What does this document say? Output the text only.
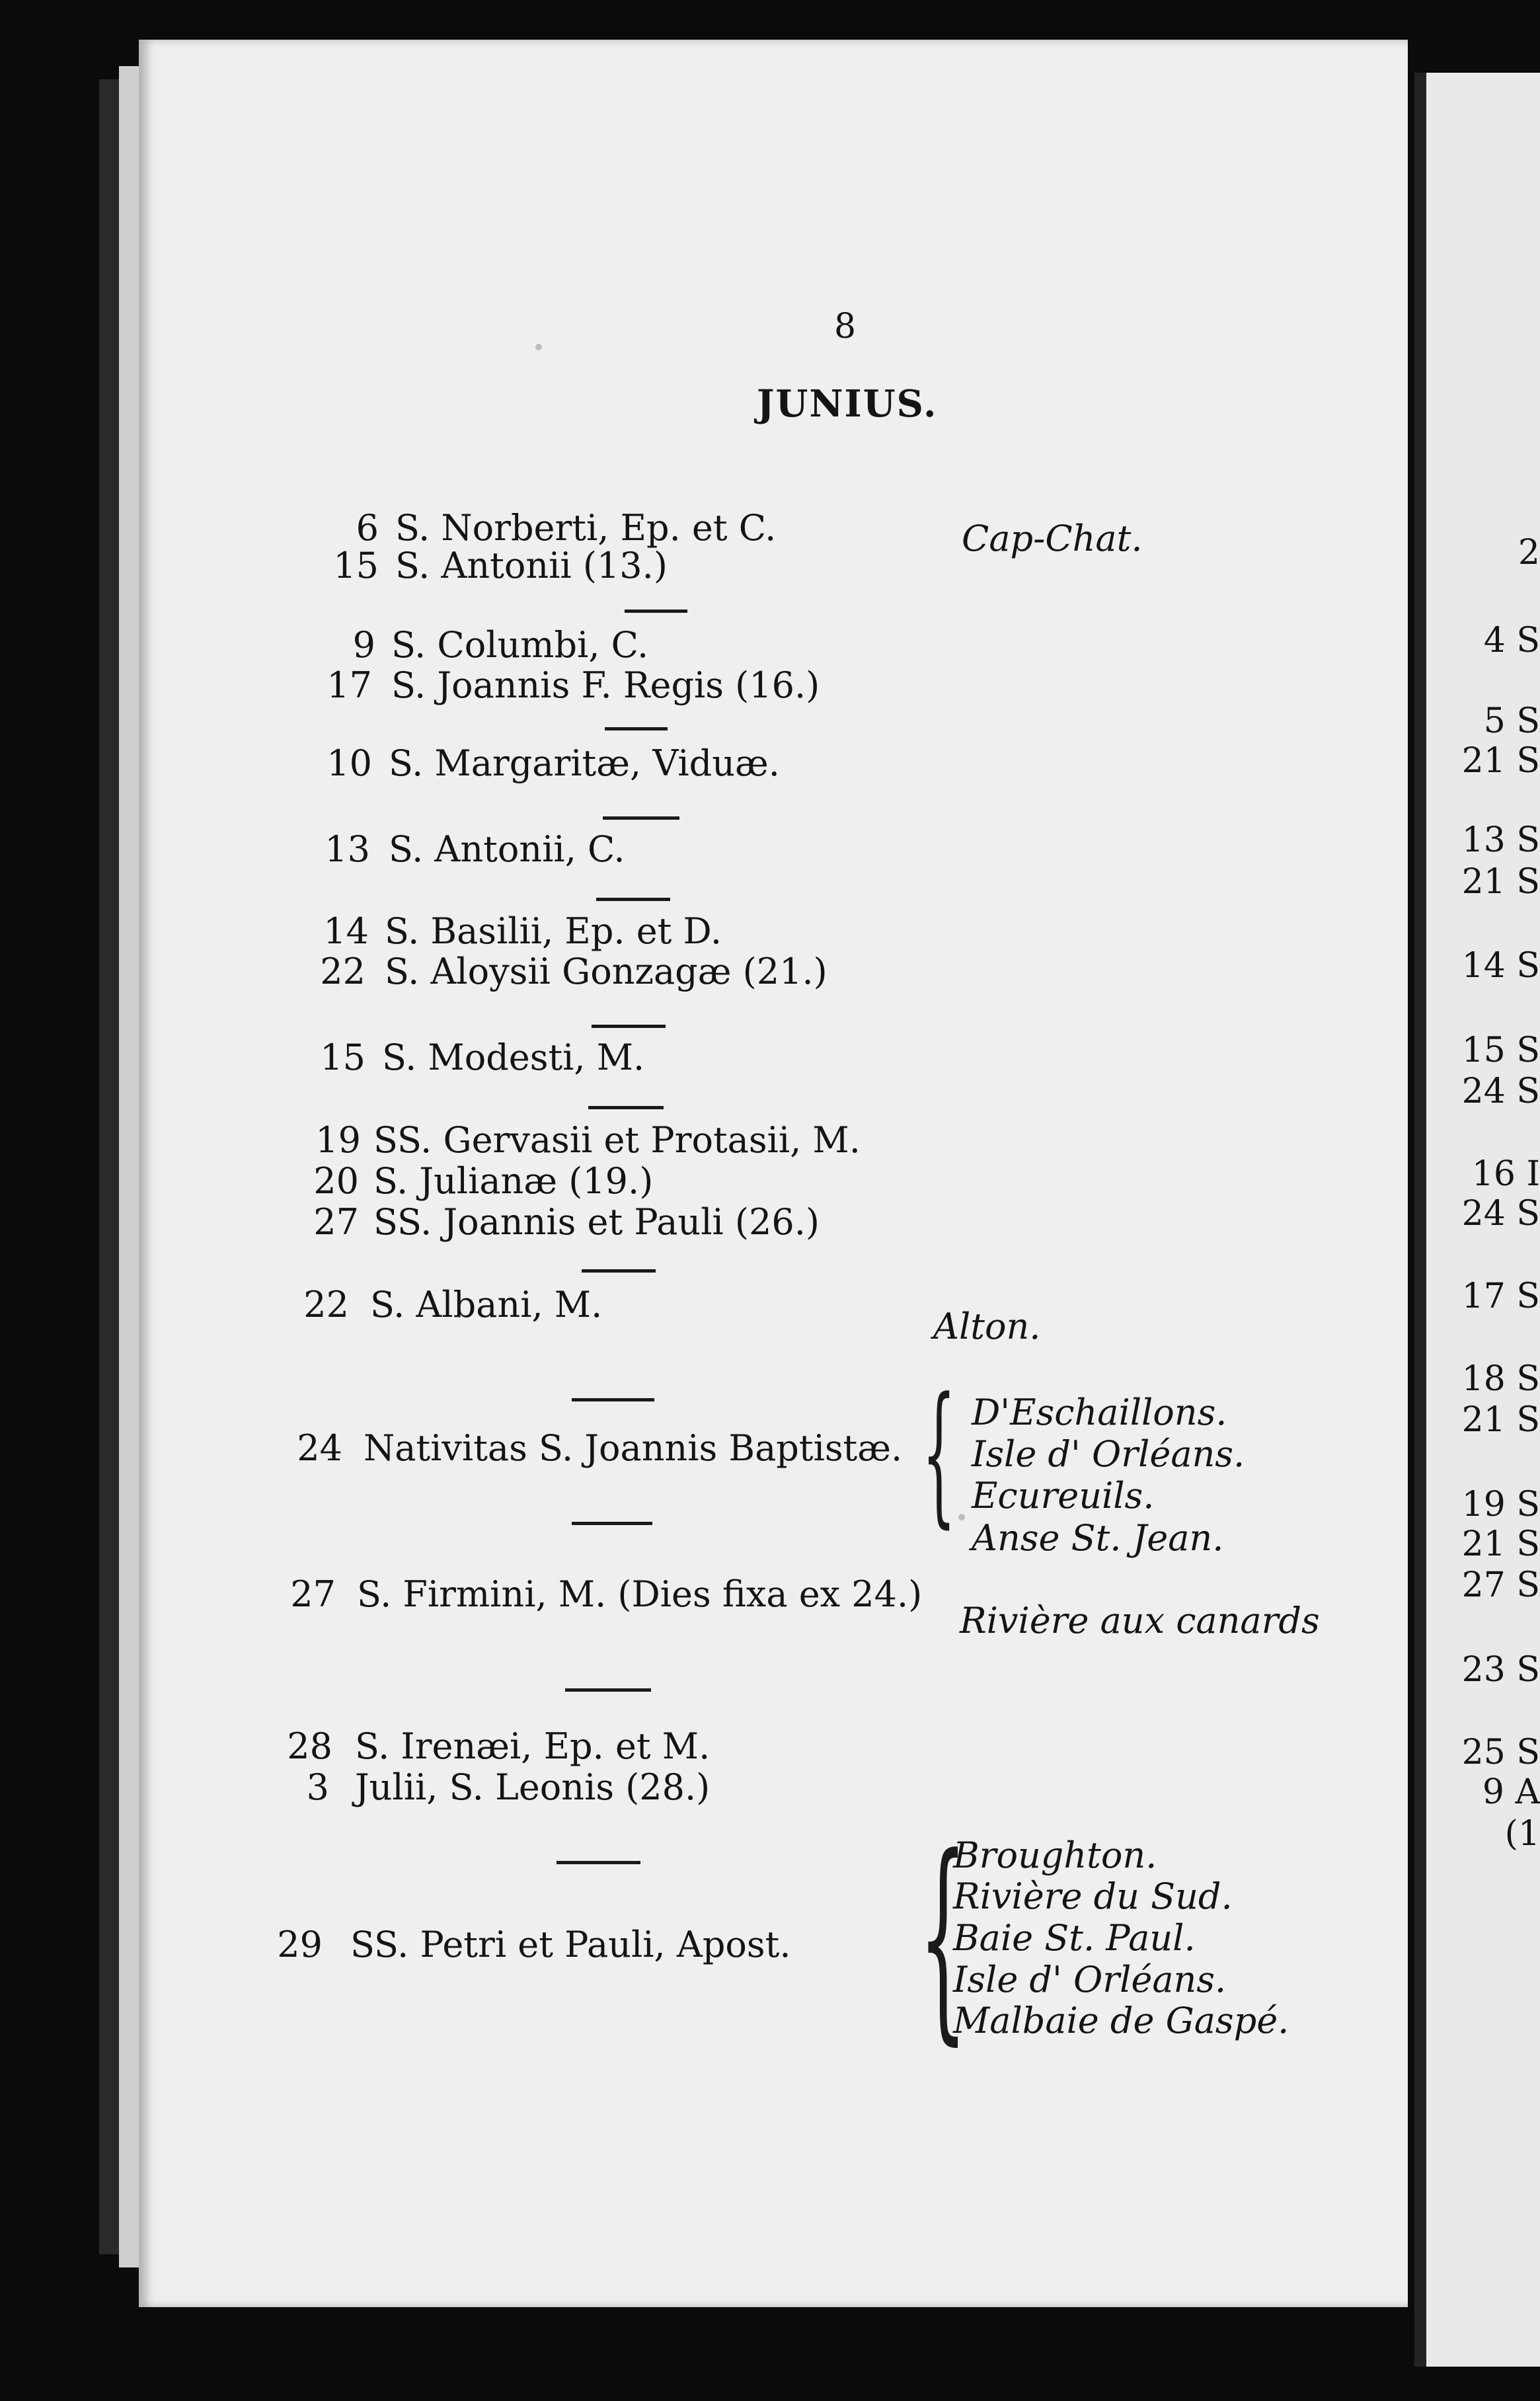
2
4 S
5 S
21 S
13 S
21 S
14 S
15 S
24 S
16 I
24 S
17 S
18 S
21 S
19 S
21 S
27 S
23 S
25 S
9 A
(1
8
JUNIUS.
6 S. Norberti, Ep. et C.
15 S. Antonii (13.)
9 S. Columbi, C.
17 S. Joannis F. Regis (16.)
10 S. Margaritæ, Viduæ.
13 S. Antonii, C.
14 S. Basilii, Ep. et D.
22 S. Aloysii Gonzagæ (21.)
15 S. Modesti, M.
19 SS. Gervasii et Protasii, M.
20 S. Julianæ (19.)
27 SS. Joannis et Pauli (26.)
22 S. Albani, M.
24 Nativitas S. Joannis Baptistæ.
27 S. Firmini, M. (Dies fixa ex 24.)
28 S. Irenæi, Ep. et M.
3 Julii, S. Leonis (28.)
29 SS. Petri et Pauli, Apost.
Cap-Chat.
Alton.
{ D'Eschaillons.
Isle d' Orléans.
Ecureuils.
Anse St. Jean.
Rivière aux canards
{
Broughton.
Rivière du Sud.
Baie St. Paul.
Isle d' Orléans.
Malbaie de Gaspé.
